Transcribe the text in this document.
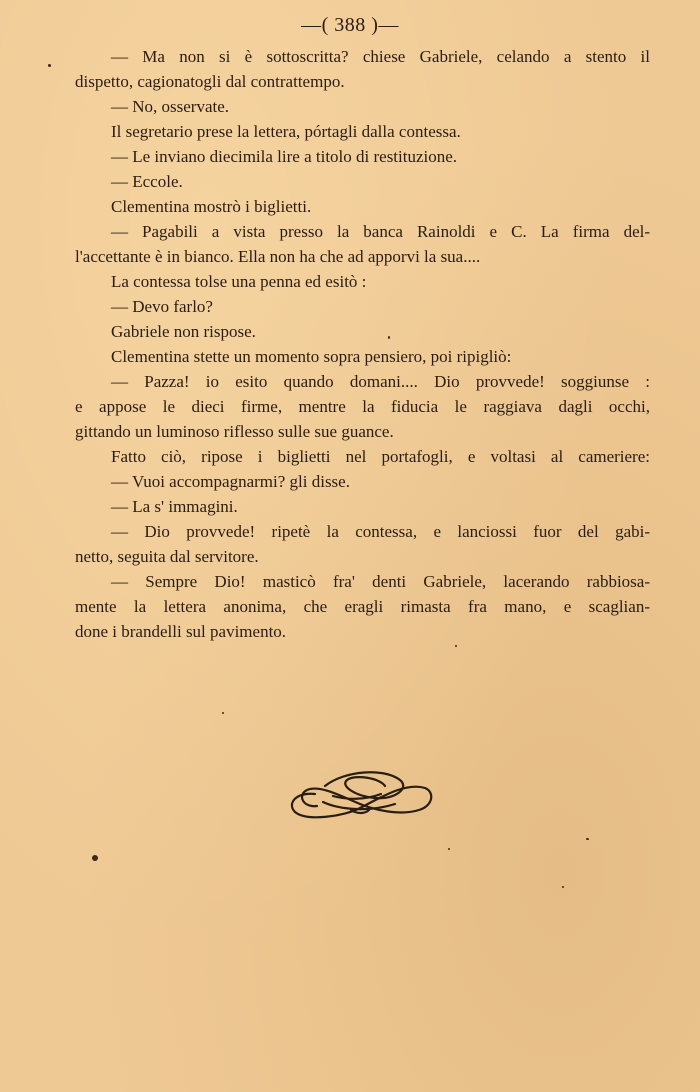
—( 388 )—
— Ma non si è sottoscritta? chiese Gabriele, celando a stento il
dispetto, cagionatogli dal contrattempo.
— No, osservate.
Il segretario prese la lettera, pórtagli dalla contessa.
— Le inviano diecimila lire a titolo di restituzione.
— Eccole.
Clementina mostrò i biglietti.
— Pagabili a vista presso la banca Rainoldi e C. La firma del-
l'accettante è in bianco. Ella non ha che ad apporvi la sua....
La contessa tolse una penna ed esitò :
— Devo farlo?
Gabriele non rispose.
Clementina stette un momento sopra pensiero, poi ripigliò:
— Pazza! io esito quando domani.... Dio provvede! soggiunse :
e appose le dieci firme, mentre la fiducia le raggiava dagli occhi,
gittando un luminoso riflesso sulle sue guance.
Fatto ciò, ripose i biglietti nel portafogli, e voltasi al cameriere:
— Vuoi accompagnarmi? gli disse.
— La s' immagini.
— Dio provvede! ripetè la contessa, e lanciossi fuor del gabi-
netto, seguita dal servitore.
— Sempre Dio! masticò fra' denti Gabriele, lacerando rabbiosa-
mente la lettera anonima, che eragli rimasta fra mano, e scaglian-
done i brandelli sul pavimento.
